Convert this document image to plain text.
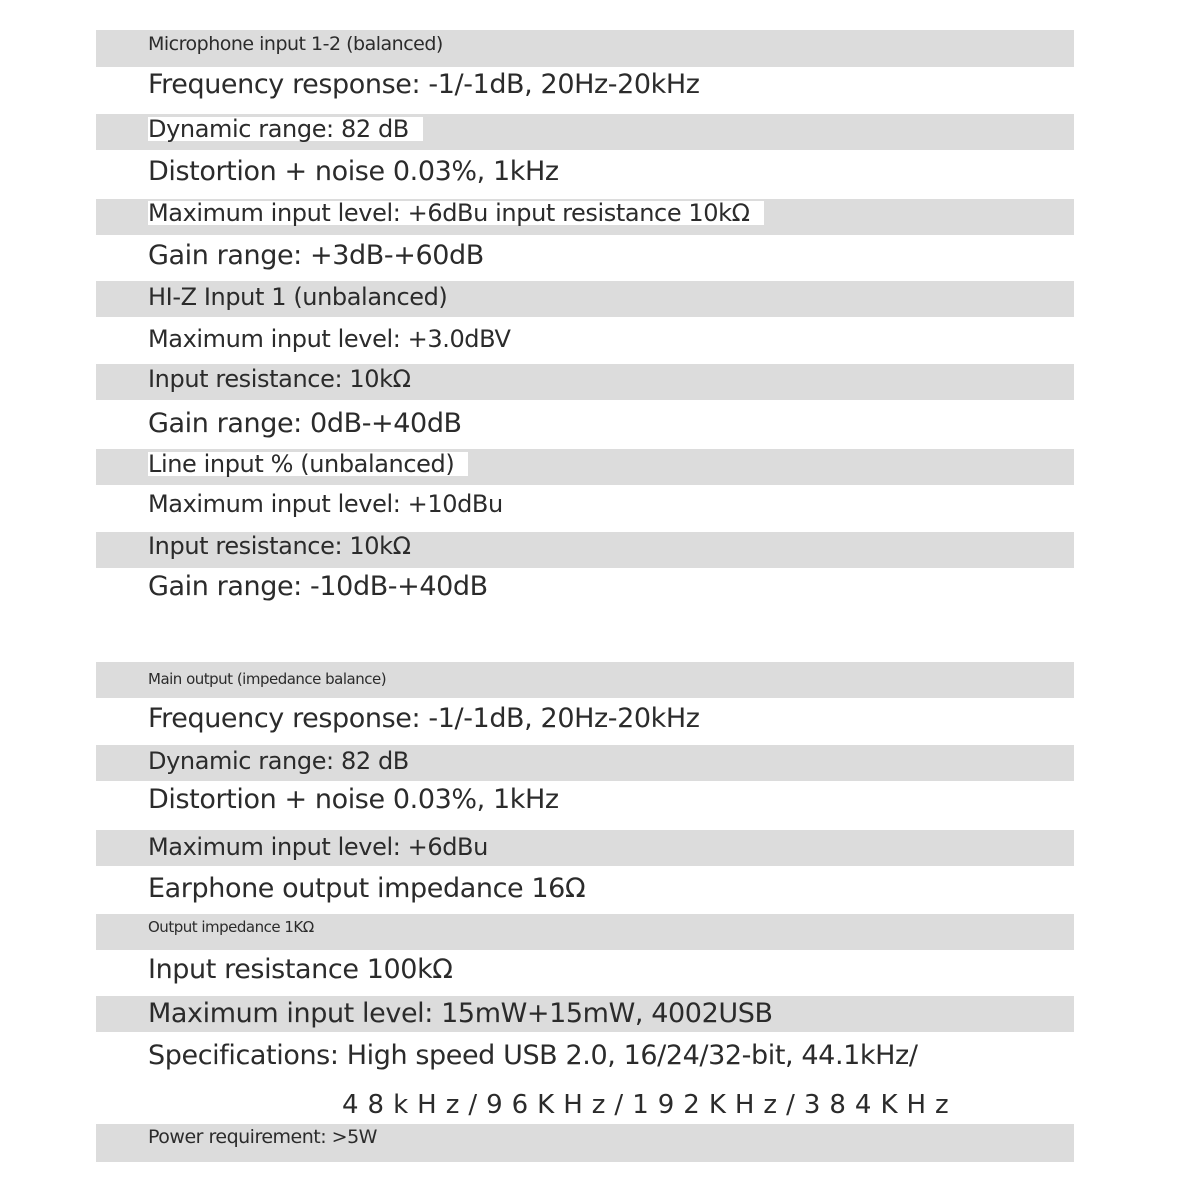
Microphone input 1-2 (balanced)
Frequency response: -1/-1dB, 20Hz-20kHz
Dynamic range: 82 dB
Distortion + noise 0.03%, 1kHz
Maximum input level: +6dBu input resistance 10kΩ
Gain range: +3dB-+60dB
HI-Z Input 1 (unbalanced)
Maximum input level: +3.0dBV
Input resistance: 10kΩ
Gain range: 0dB-+40dB
Line input % (unbalanced)
Maximum input level: +10dBu
Input resistance: 10kΩ
Gain range: -10dB-+40dB
Main output (impedance balance)
Frequency response: -1/-1dB, 20Hz-20kHz
Dynamic range: 82 dB
Distortion + noise 0.03%, 1kHz
Maximum input level: +6dBu
Earphone output impedance 16Ω
Output impedance 1KΩ
Input resistance 100kΩ
Maximum input level: 15mW+15mW, 4002USB
Specifications: High speed USB 2.0, 16/24/32-bit, 44.1kHz/
48kHz/96KHz/192KHz/384KHz
Power requirement: >5W
